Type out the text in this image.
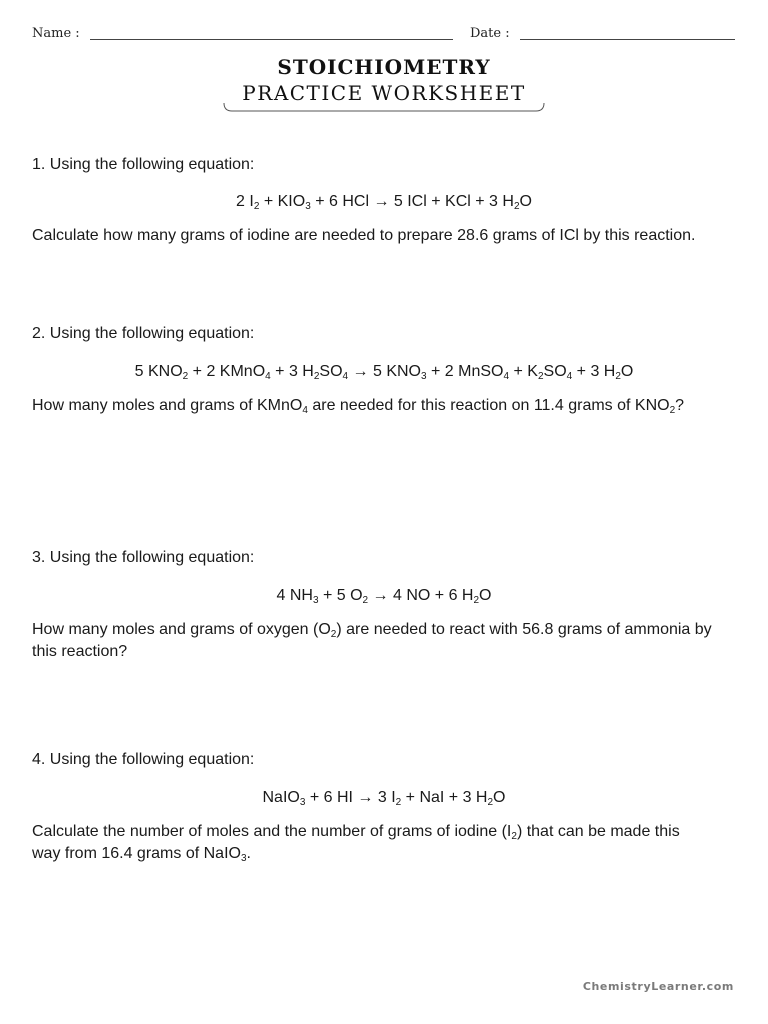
Name :	Date :
STOICHIOMETRY
PRACTICE WORKSHEET
1. Using the following equation:
2 $I_2 + KIO_3 + 6$ HCl → 5 ICl + KCl + 3 $H_2O$
Calculate how many grams of iodine are needed to prepare 28.6 grams of ICl by this reaction.
2. Using the following equation:
5 $KNO_2 + 2$ KMnO$_4$ + 3 $H_2SO_4 \to 5$ $KNO_3 + 2$ MnSO$_4$ + $K_2SO_4 + 3$ $H_2O$
How many moles and grams of KMnO$_4$ are needed for this reaction on 11.4 grams of $KNO_2$?
3. Using the following equation:
4 $NH_3 + 5$ $O_2 \to 4$ NO + 6 $H_2O$
How many moles and grams of oxygen $(O_2)$ are needed to react with 56.8 grams of ammonia by this reaction?
4. Using the following equation:
NaIO$_3$ + 6 HI → 3 $I_2$ + NaI + 3 $H_2O$
Calculate the number of moles and the number of grams of iodine $(I_2)$ that can be made this way from 16.4 grams of NaIO$_3$.
ChemistryLearner.com
